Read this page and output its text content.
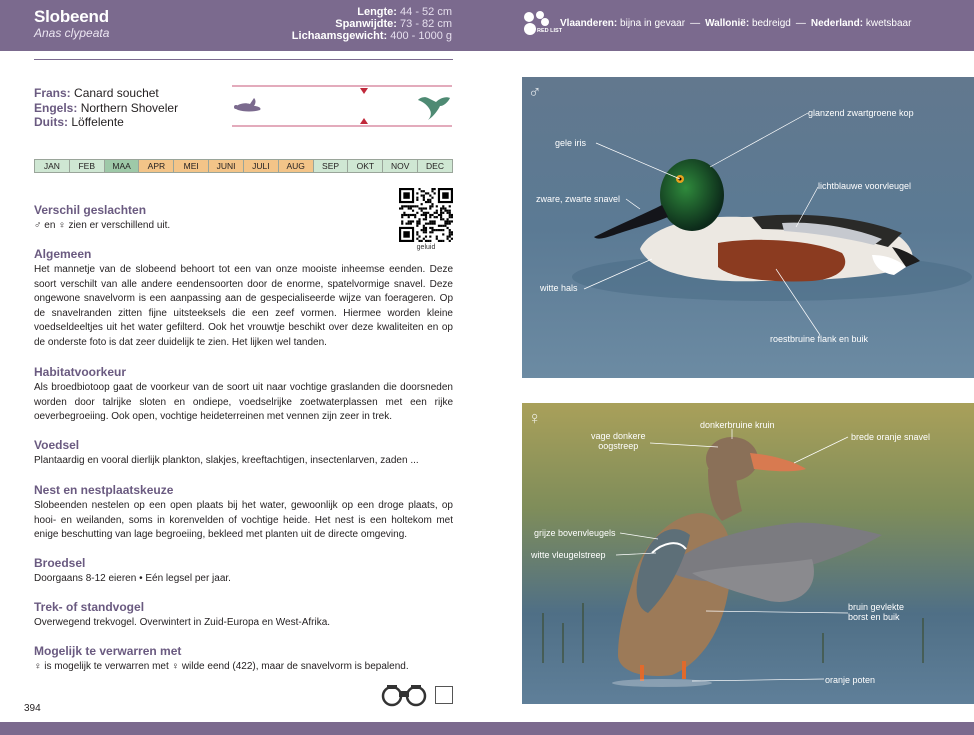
Slobeend
Anas clypeata
Lengte: 44 - 52 cm
Spanwijdte: 73 - 82 cm
Lichaamsgewicht: 400 - 1000 g	RED LIST
Vlaanderen: bijna in gevaar — Wallonië: bedreigd — Nederland: kwetsbaar
Frans: Canard souchet
Engels: Northern Shoveler
Duits: Löffelente
JAN	FEB	MAA	APR	MEI	JUNI	JULI	AUG	SEP	OKT	NOV	DEC
geluid
Verschil geslachten

♂ en ♀ zien er verschillend uit.

Algemeen

Het mannetje van de slobeend behoort tot een van onze mooiste inheemse eenden. Deze soort verschilt van alle andere eendensoorten door de enorme, spatelvormige snavel. Deze ongewone snavelvorm is een aanpassing aan de gespecialiseerde wijze van foerageren. Op de snavelranden zitten fijne uitsteeksels die een zeef vormen. Hiermee worden kleine voedseldeeltjes uit het water gefilterd. Ook het vrouwtje beschikt over deze kwaliteiten en op de onderste foto is dat zeer duidelijk te zien. Het lijken wel tanden.

Habitatvoorkeur

Als broedbiotoop gaat de voorkeur van de soort uit naar vochtige graslanden die doorsneden worden door talrijke sloten en ondiepe, voedselrijke zoetwaterplassen met een rijke oeverbegroeiing. Ook open, vochtige heideterreinen met vennen zijn zeer in trek.

Voedsel

Plantaardig en vooral dierlijk plankton, slakjes, kreeftachtigen, insectenlarven, zaden ...

Nest en nestplaatskeuze

Slobeenden nestelen op een open plaats bij het water, gewoonlijk op een droge plaats, op hooi- en weilanden, soms in korenvelden of vochtige heide. Het nest is een holtekom met enige beschutting van lage begroeiing, bekleed met planten uit de directe omgeving.

Broedsel

Doorgaans 8-12 eieren • Eén legsel per jaar.

Trek- of standvogel

Overwegend trekvogel. Overwintert in Zuid-Europa en West-Afrika.

Mogelijk te verwarren met

♀ is mogelijk te verwarren met ♀ wilde eend (422), maar de snavelvorm is bepalend.

394
♂
glanzend zwartgroene kop
gele iris
lichtblauwe voorvleugel
zware, zwarte snavel
witte hals
roestbruine flank en buik
♀	donkerbruine kruin
vage donkere
oogstreep
brede oranje snavel
grijze bovenvleugels
witte vleugelstreep
bruin gevlekte
borst en buik
oranje poten
